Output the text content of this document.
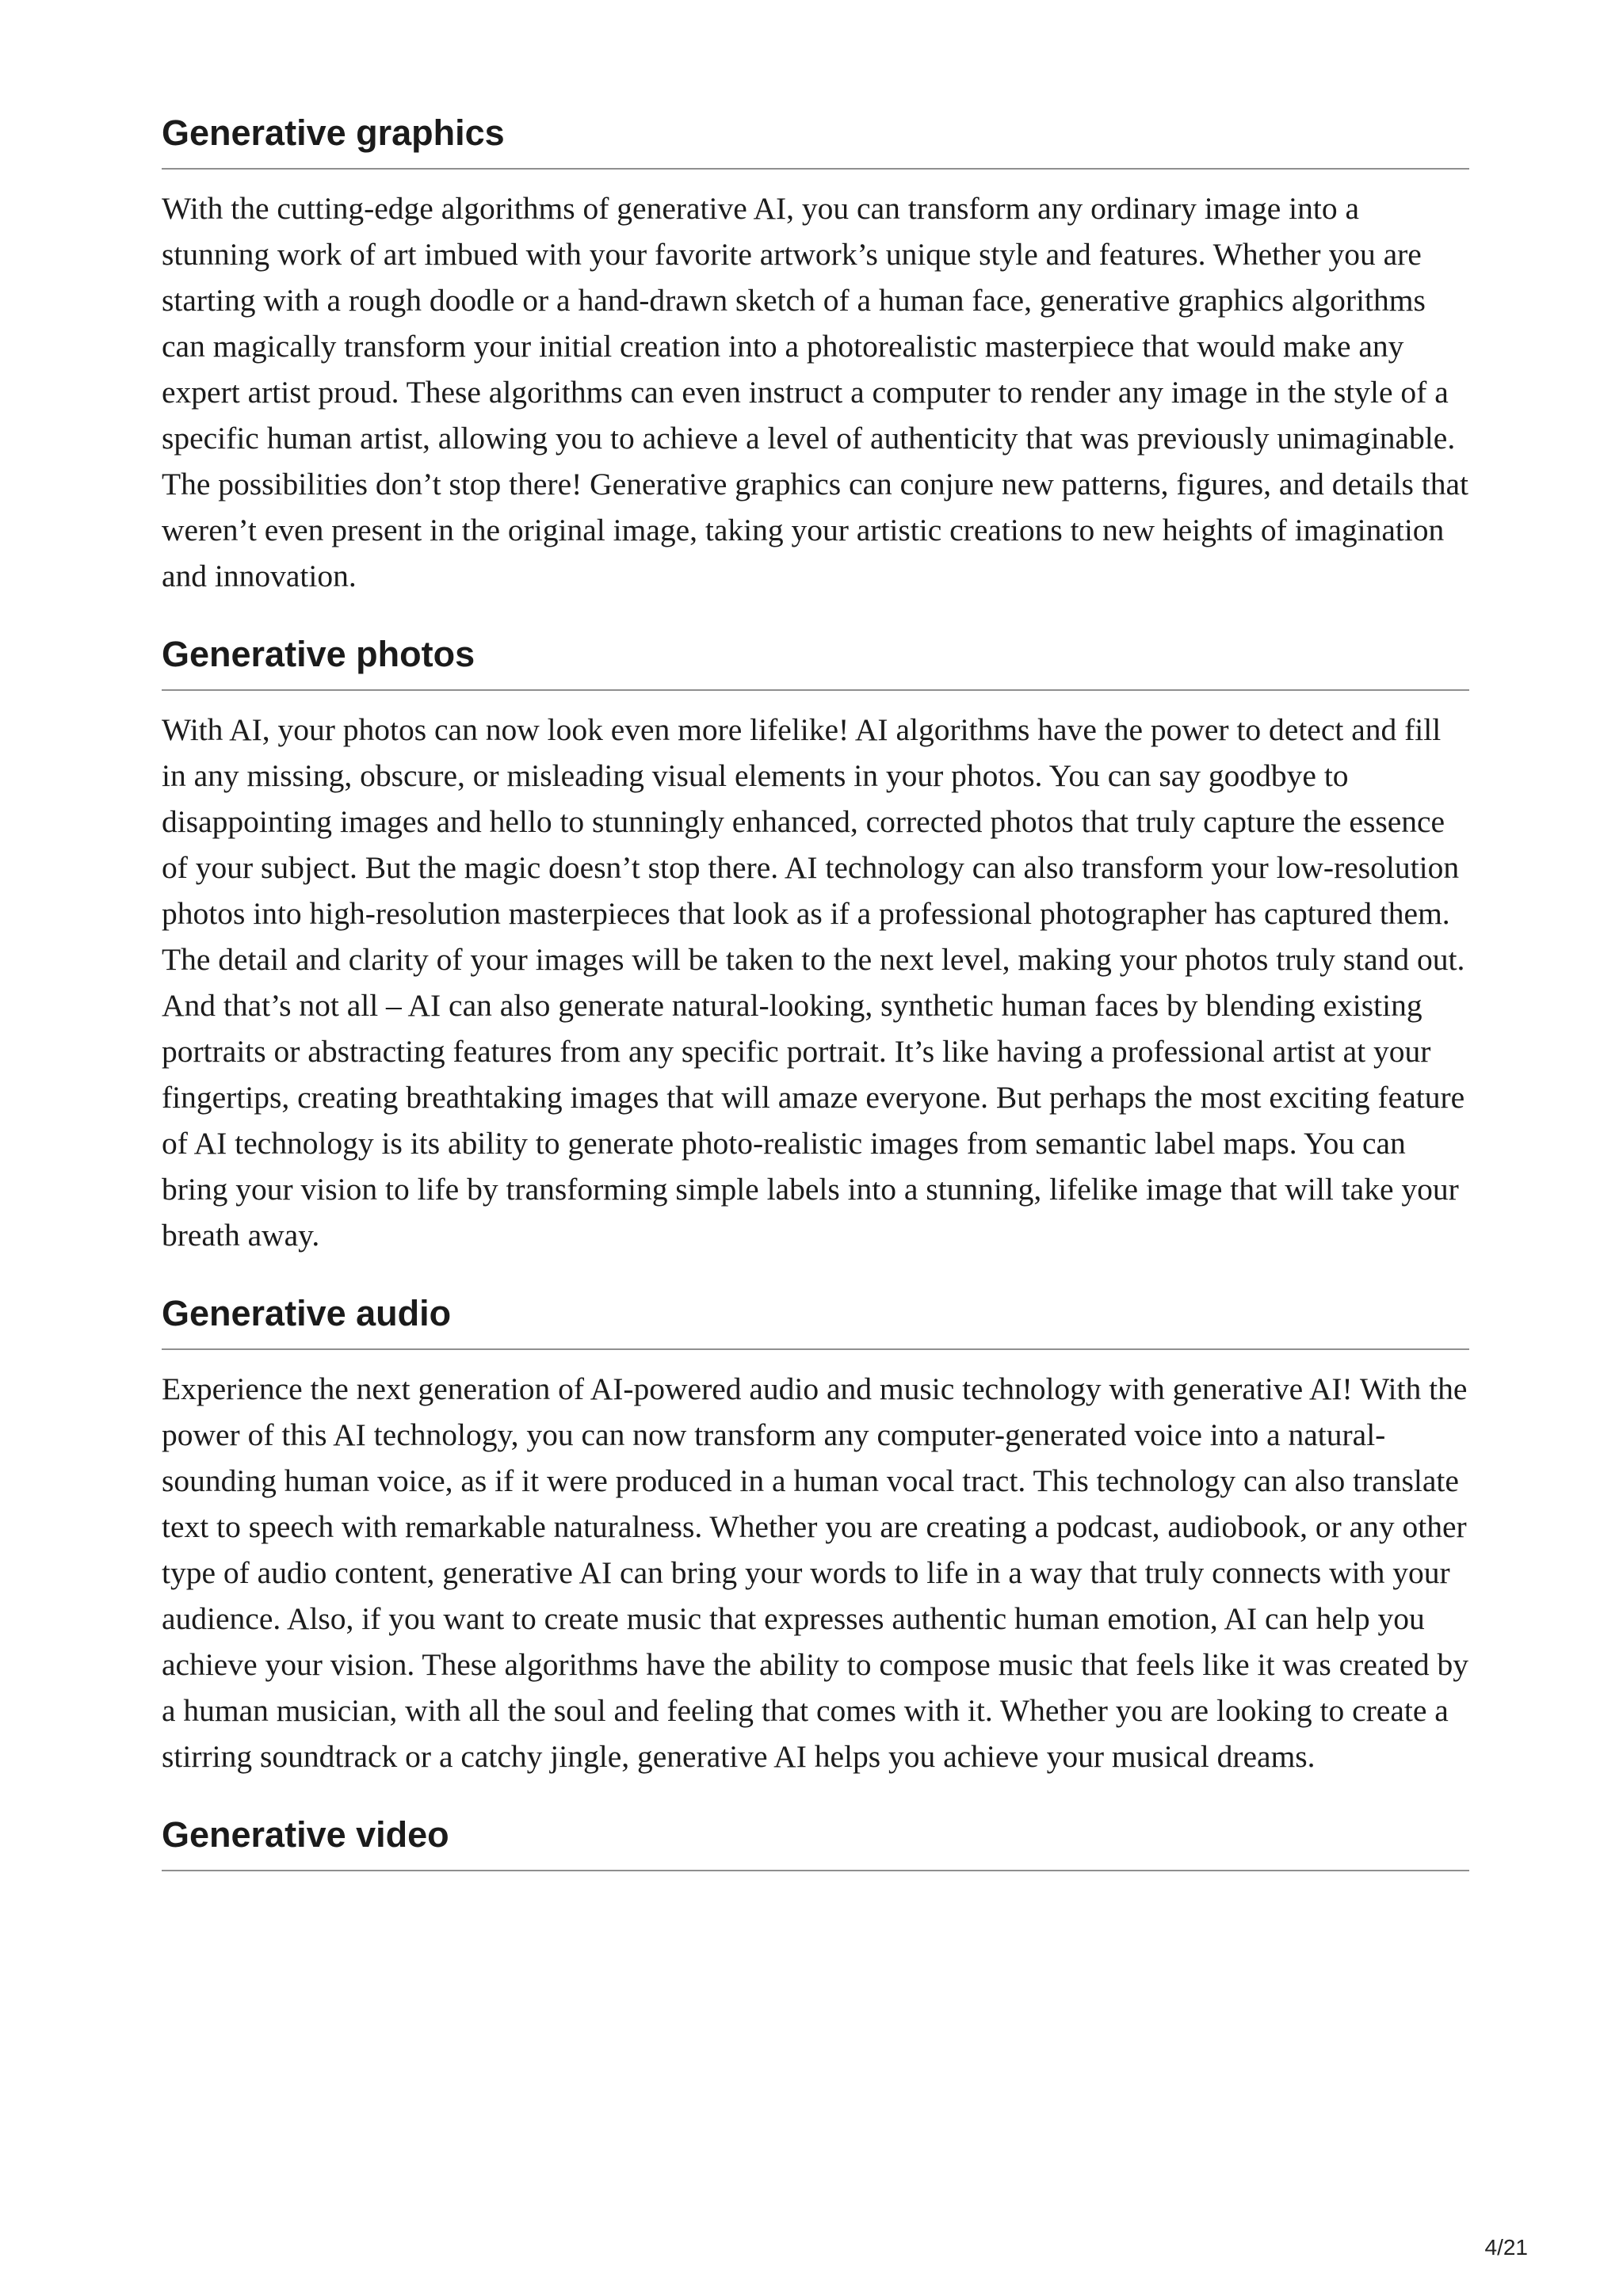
Generative graphics

With the cutting-edge algorithms of generative AI, you can transform any ordinary image into a stunning work of art imbued with your favorite artwork’s unique style and features. Whether you are starting with a rough doodle or a hand-drawn sketch of a human face, generative graphics algorithms can magically transform your initial creation into a photorealistic masterpiece that would make any expert artist proud. These algorithms can even instruct a computer to render any image in the style of a specific human artist, allowing you to achieve a level of authenticity that was previously unimaginable. The possibilities don’t stop there! Generative graphics can conjure new patterns, figures, and details that weren’t even present in the original image, taking your artistic creations to new heights of imagination and innovation.

Generative photos

With AI, your photos can now look even more lifelike! AI algorithms have the power to detect and fill in any missing, obscure, or misleading visual elements in your photos. You can say goodbye to disappointing images and hello to stunningly enhanced, corrected photos that truly capture the essence of your subject. But the magic doesn’t stop there. AI technology can also transform your low-resolution photos into high-resolution masterpieces that look as if a professional photographer has captured them. The detail and clarity of your images will be taken to the next level, making your photos truly stand out. And that’s not all – AI can also generate natural-looking, synthetic human faces by blending existing portraits or abstracting features from any specific portrait. It’s like having a professional artist at your fingertips, creating breathtaking images that will amaze everyone. But perhaps the most exciting feature of AI technology is its ability to generate photo-realistic images from semantic label maps. You can bring your vision to life by transforming simple labels into a stunning, lifelike image that will take your breath away.

Generative audio

Experience the next generation of AI-powered audio and music technology with generative AI! With the power of this AI technology, you can now transform any computer-generated voice into a natural-sounding human voice, as if it were produced in a human vocal tract. This technology can also translate text to speech with remarkable naturalness. Whether you are creating a podcast, audiobook, or any other type of audio content, generative AI can bring your words to life in a way that truly connects with your audience. Also, if you want to create music that expresses authentic human emotion, AI can help you achieve your vision. These algorithms have the ability to compose music that feels like it was created by a human musician, with all the soul and feeling that comes with it. Whether you are looking to create a stirring soundtrack or a catchy jingle, generative AI helps you achieve your musical dreams.

Generative video
4/21
